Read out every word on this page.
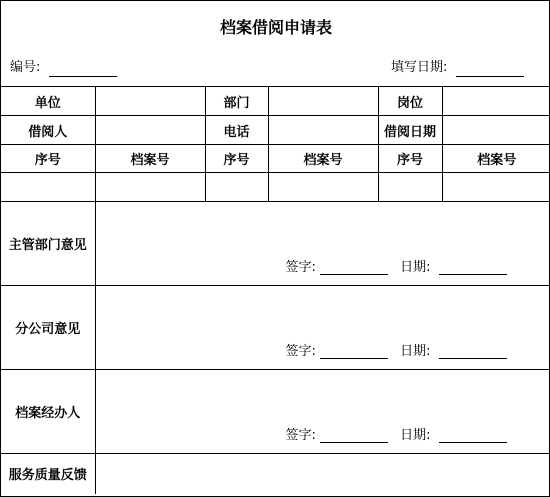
档案借阅申请表
编号:	填写日期:
单位		部门		岗位	
借阅人		电话		借阅日期	
序号	档案号	序号	档案号	序号	档案号

主管部门意见	签字: 日期:				

分公司意见	签字: 日期:				

档案经办人	签字: 日期:				

服务质量反馈					
